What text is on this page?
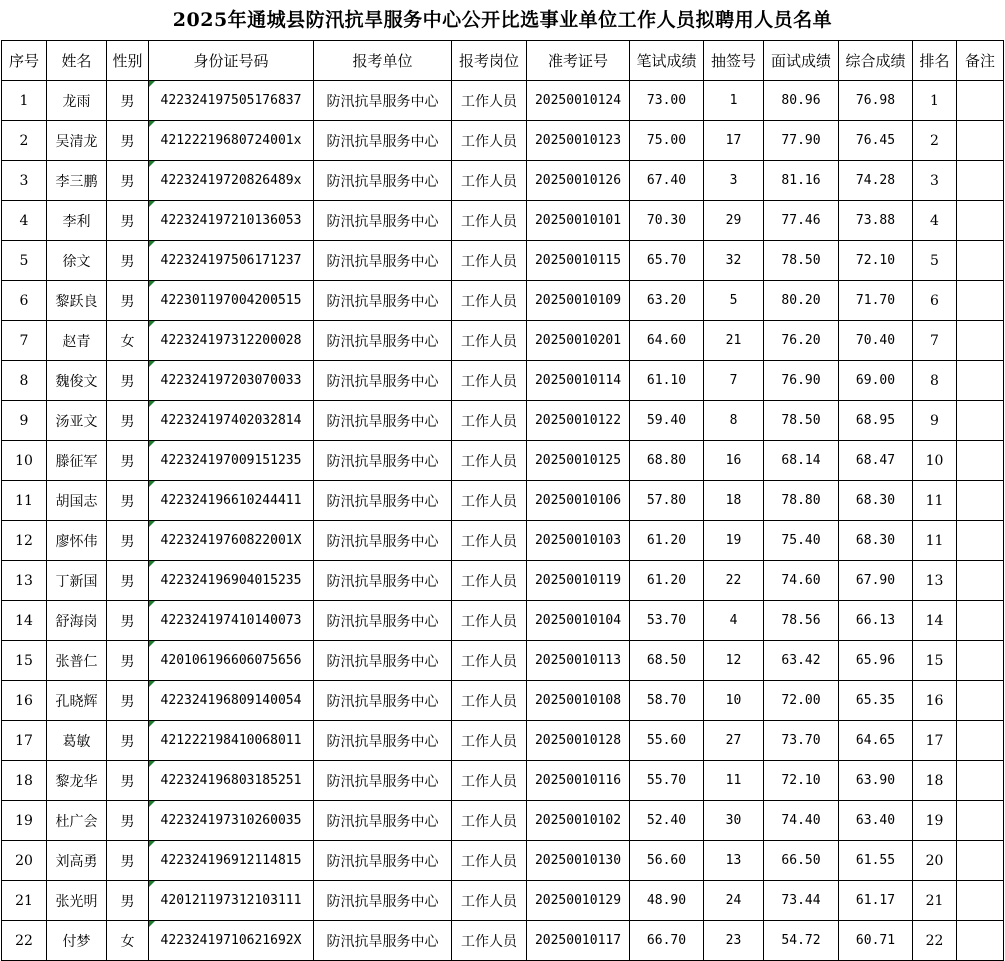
2025年通城县防汛抗旱服务中心公开比选事业单位工作人员拟聘用人员名单
序号	姓名	性别	身份证号码	报考单位	报考岗位	准考证号	笔试成绩	抽签号	面试成绩	综合成绩	排名	备注
1	龙雨	男	422324197505176837	防汛抗旱服务中心	工作人员	20250010124	73.00	1	80.96	76.98	1	
2	吴清龙	男	42122219680724001x	防汛抗旱服务中心	工作人员	20250010123	75.00	17	77.90	76.45	2	
3	李三鹏	男	42232419720826489x	防汛抗旱服务中心	工作人员	20250010126	67.40	3	81.16	74.28	3	
4	李利	男	422324197210136053	防汛抗旱服务中心	工作人员	20250010101	70.30	29	77.46	73.88	4	
5	徐文	男	422324197506171237	防汛抗旱服务中心	工作人员	20250010115	65.70	32	78.50	72.10	5	
6	黎跃良	男	422301197004200515	防汛抗旱服务中心	工作人员	20250010109	63.20	5	80.20	71.70	6	
7	赵青	女	422324197312200028	防汛抗旱服务中心	工作人员	20250010201	64.60	21	76.20	70.40	7	
8	魏俊文	男	422324197203070033	防汛抗旱服务中心	工作人员	20250010114	61.10	7	76.90	69.00	8	
9	汤亚文	男	422324197402032814	防汛抗旱服务中心	工作人员	20250010122	59.40	8	78.50	68.95	9	
10	滕征军	男	422324197009151235	防汛抗旱服务中心	工作人员	20250010125	68.80	16	68.14	68.47	10	
11	胡国志	男	422324196610244411	防汛抗旱服务中心	工作人员	20250010106	57.80	18	78.80	68.30	11	
12	廖怀伟	男	42232419760822001X	防汛抗旱服务中心	工作人员	20250010103	61.20	19	75.40	68.30	11	
13	丁新国	男	422324196904015235	防汛抗旱服务中心	工作人员	20250010119	61.20	22	74.60	67.90	13	
14	舒海岗	男	422324197410140073	防汛抗旱服务中心	工作人员	20250010104	53.70	4	78.56	66.13	14	
15	张普仁	男	420106196606075656	防汛抗旱服务中心	工作人员	20250010113	68.50	12	63.42	65.96	15	
16	孔晓辉	男	422324196809140054	防汛抗旱服务中心	工作人员	20250010108	58.70	10	72.00	65.35	16	
17	葛敏	男	421222198410068011	防汛抗旱服务中心	工作人员	20250010128	55.60	27	73.70	64.65	17	
18	黎龙华	男	422324196803185251	防汛抗旱服务中心	工作人员	20250010116	55.70	11	72.10	63.90	18	
19	杜广会	男	422324197310260035	防汛抗旱服务中心	工作人员	20250010102	52.40	30	74.40	63.40	19	
20	刘高勇	男	422324196912114815	防汛抗旱服务中心	工作人员	20250010130	56.60	13	66.50	61.55	20	
21	张光明	男	420121197312103111	防汛抗旱服务中心	工作人员	20250010129	48.90	24	73.44	61.17	21	
22	付梦	女	42232419710621692X	防汛抗旱服务中心	工作人员	20250010117	66.70	23	54.72	60.71	22	
